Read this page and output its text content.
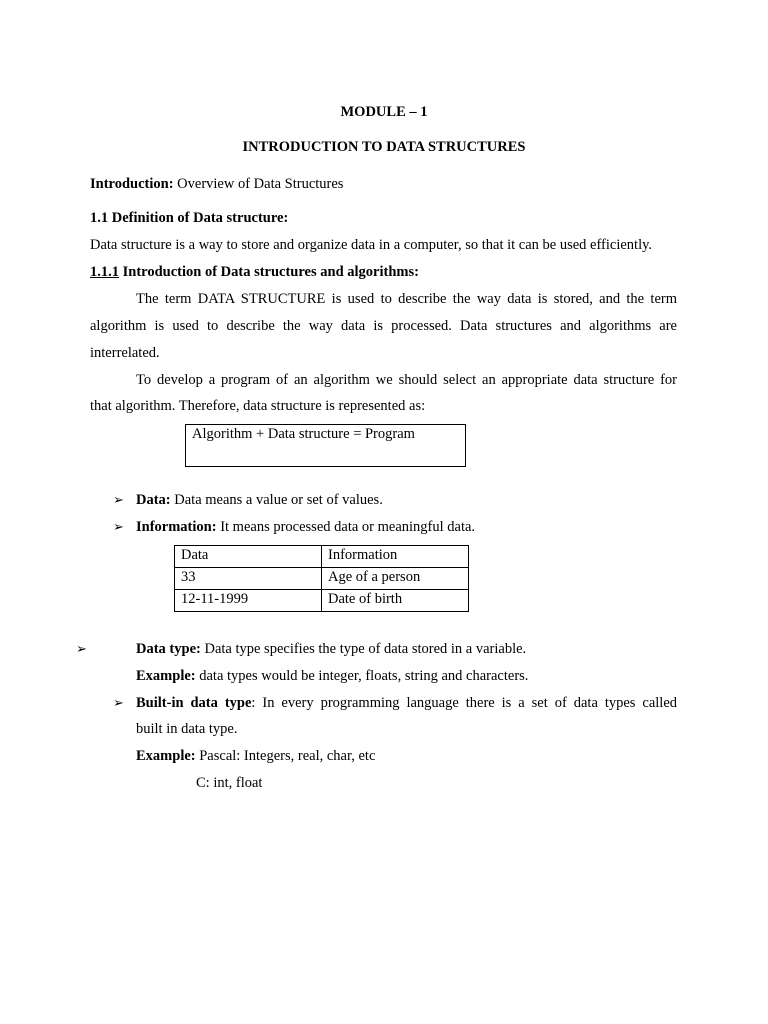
MODULE – 1
INTRODUCTION TO DATA STRUCTURES
Introduction: Overview of Data Structures
1.1 Definition of Data structure:
Data structure is a way to store and organize data in a computer, so that it can be used efficiently.
1.1.1 Introduction of Data structures and algorithms:
The term DATA STRUCTURE is used to describe the way data is stored, and the term
algorithm is used to describe the way data is processed. Data structures and algorithms are
interrelated.
To develop a program of an algorithm we should select an appropriate data structure for
that algorithm. Therefore, data structure is represented as:
Algorithm + Data structure = Program
➢ Data: Data means a value or set of values.
➢ Information: It means processed data or meaningful data.
Data	Information
33	Age of a person
12-11-1999	Date of birth
➢	Data type: Data type specifies the type of data stored in a variable.
Example: data types would be integer, floats, string and characters.
➢ Built-in data type: In every programming language there is a set of data types called
built in data type.
Example: Pascal: Integers, real, char, etc
C: int, float
